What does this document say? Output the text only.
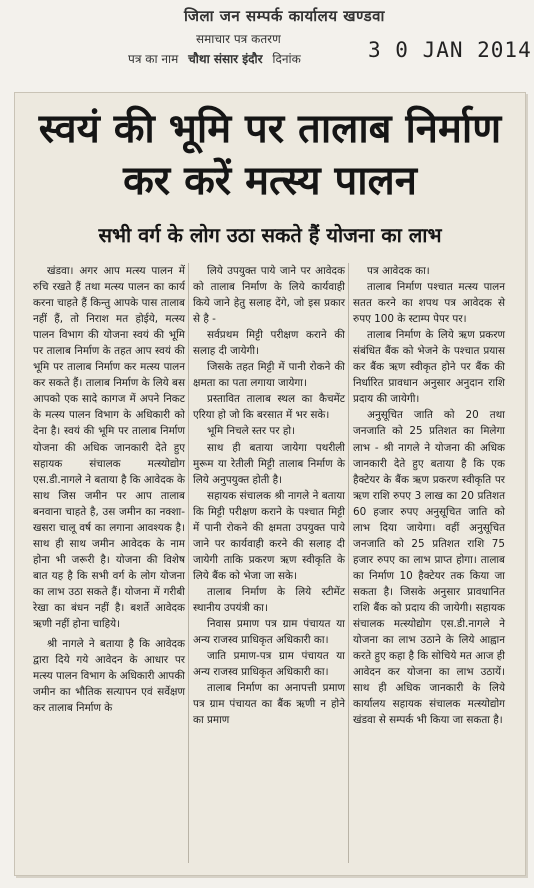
जिला जन सम्पर्क कार्यालय खण्डवा
समाचार पत्र कतरण
पत्र का नाम चौथा संसार इंदौर दिनांक	3 0 JAN 2014
स्वयं की भूमि पर तालाब निर्माण
कर करें मत्स्य पालन
सभी वर्ग के लोग उठा सकते हैं योजना का लाभ

खंडवा। अगर आप मत्स्य पालन में रुचि रखते हैं तथा मत्स्य पालन का कार्य करना चाहते हैं किन्तु आपके पास तालाब नहीं हैं, तो निराश मत होईये, मत्स्य पालन विभाग की योजना स्वयं की भूमि पर तालाब निर्माण के तहत आप स्वयं की भूमि पर तालाब निर्माण कर मत्स्य पालन कर सकते हैं। तालाब निर्माण के लिये बस आपको एक सादे कागज में अपने निकट के मत्स्य पालन विभाग के अधिकारी को देना है। स्वयं की भूमि पर तालाब निर्माण योजना की अधिक जानकारी देते हुए सहायक संचालक मत्स्योद्योग एस.डी.नागले ने बताया है कि आवेदक के साथ जिस जमीन पर आप तालाब बनवाना चाहते है, उस जमीन का नक्शा-खसरा चालू वर्ष का लगाना आवश्यक है। साथ ही साथ जमीन आवेदक के नाम होना भी जरूरी है। योजना की विशेष बात यह है कि सभी वर्ग के लोग योजना का लाभ उठा सकते हैं। योजना में गरीबी रेखा का बंधन नहीं है। बशर्ते आवेदक ऋणी नहीं होना चाहिये।

श्री नागले ने बताया है कि आवेदक द्वारा दिये गये आवेदन के आधार पर मत्स्य पालन विभाग के अधिकारी आपकी जमीन का भौतिक सत्यापन एवं सर्वेक्षण कर तालाब निर्माण के

लिये उपयुक्त पाये जाने पर आवेदक को तालाब निर्माण के लिये कार्यवाही किये जाने हेतु सलाह देंगे, जो इस प्रकार से है -

सर्वप्रथम मिट्टी परीक्षण कराने की सलाह दी जायेगी।

जिसके तहत मिट्टी में पानी रोकने की क्षमता का पता लगाया जायेगा।

प्रस्तावित तालाब स्थल का कैचमेंट एरिया हो जो कि बरसात में भर सके।

भूमि निचले स्तर पर हो।

साथ ही बताया जायेगा पथरीली मुरूम या रेतीली मिट्टी तालाब निर्माण के लिये अनुपयुक्त होती है।

सहायक संचालक श्री नागले ने बताया कि मिट्टी परीक्षण कराने के पश्चात मिट्टी में पानी रोकने की क्षमता उपयुक्त पाये जाने पर कार्यवाही करने की सलाह दी जायेगी ताकि प्रकरण ऋण स्वीकृति के लिये बैंक को भेजा जा सके।

तालाब निर्माण के लिये स्टीमेंट स्थानीय उपयंत्री का।

निवास प्रमाण पत्र ग्राम पंचायत या अन्य राजस्व प्राधिकृत अधिकारी का।

जाति प्रमाण-पत्र ग्राम पंचायत या अन्य राजस्व प्राधिकृत अधिकारी का।

तालाब निर्माण का अनापत्ती प्रमाण पत्र ग्राम पंचायत का बैंक ऋणी न होने का प्रमाण

पत्र आवेदक का।

तालाब निर्माण पश्चात मत्स्य पालन सतत करने का शपथ पत्र आवेदक से रुपए 100 के स्टाम्प पेपर पर।

तालाब निर्माण के लिये ऋण प्रकरण संबंधित बैंक को भेजने के पश्चात प्रयास कर बैंक ऋण स्वीकृत होने पर बैंक की निर्धारित प्रावधान अनुसार अनुदान राशि प्रदाय की जायेगी।

अनुसूचित जाति को 20 तथा जनजाति को 25 प्रतिशत का मिलेगा लाभ - श्री नागले ने योजना की अधिक जानकारी देते हुए बताया है कि एक हैक्टेयर के बैंक ऋण प्रकरण स्वीकृति पर ऋण राशि रुपए 3 लाख का 20 प्रतिशत 60 हजार रुपए अनुसूचित जाति को लाभ दिया जायेगा। वहीं अनुसूचित जनजाति को 25 प्रतिशत राशि 75 हजार रुपए का लाभ प्राप्त होगा। तालाब का निर्माण 10 हैक्टेयर तक किया जा सकता है। जिसके अनुसार प्रावधानित राशि बैंक को प्रदाय की जायेगी। सहायक संचालक मत्स्योद्योग एस.डी.नागले ने योजना का लाभ उठाने के लिये आह्वान करते हुए कहा है कि सोचिये मत आज ही आवेदन कर योजना का लाभ उठायें। साथ ही अधिक जानकारी के लिये कार्यालय सहायक संचालक मत्स्योद्योग खंडवा से सम्पर्क भी किया जा सकता है।
